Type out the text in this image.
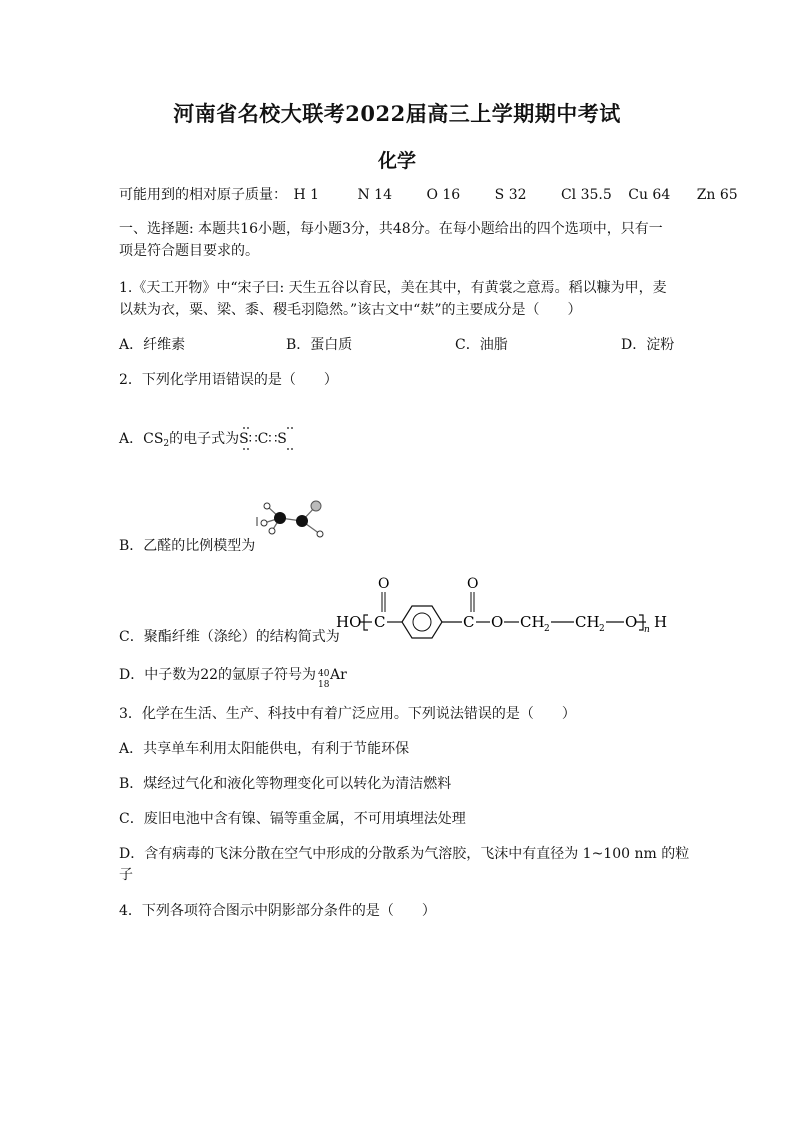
河南省名校大联考2022届高三上学期期中考试
化学
可能用到的相对原子质量： H 1	N 14 O 16 S 32 Cl 35.5 Cu 64 Zn 65
一、选择题: 本题共16小题，每小题3分，共48分。在每小题给出的四个选项中，只有一
项是符合题目要求的。
1.《天工开物》中“宋子曰: 天生五谷以育民，美在其中，有黄裳之意焉。稻以糠为甲，麦
以麸为衣，粟、梁、黍、稷毛羽隐然。”该古文中“麸”的主要成分是（　　）
A．纤维素	B．蛋白质	C．油脂	D．淀粉
2．下列化学用语错误的是（　　）
A．$CS_2$的电子式为S∷C∷S
B．乙醛的比例模型为
C．聚酯纤维（涤纶）的结构简式为
HO C
O
C
O
O CH 2 CH 2 O n H
D．中子数为22的氩原子符号为 40
18
Ar
3．化学在生活、生产、科技中有着广泛应用。下列说法错误的是（　　）
A．共享单车利用太阳能供电，有利于节能环保
B．煤经过气化和液化等物理变化可以转化为清洁燃料
C．废旧电池中含有镍、镉等重金属，不可用填埋法处理
D．含有病毒的飞沫分散在空气中形成的分散系为气溶胶，飞沫中有直径为 1~100 nm 的粒
子
4．下列各项符合图示中阴影部分条件的是（　　）
